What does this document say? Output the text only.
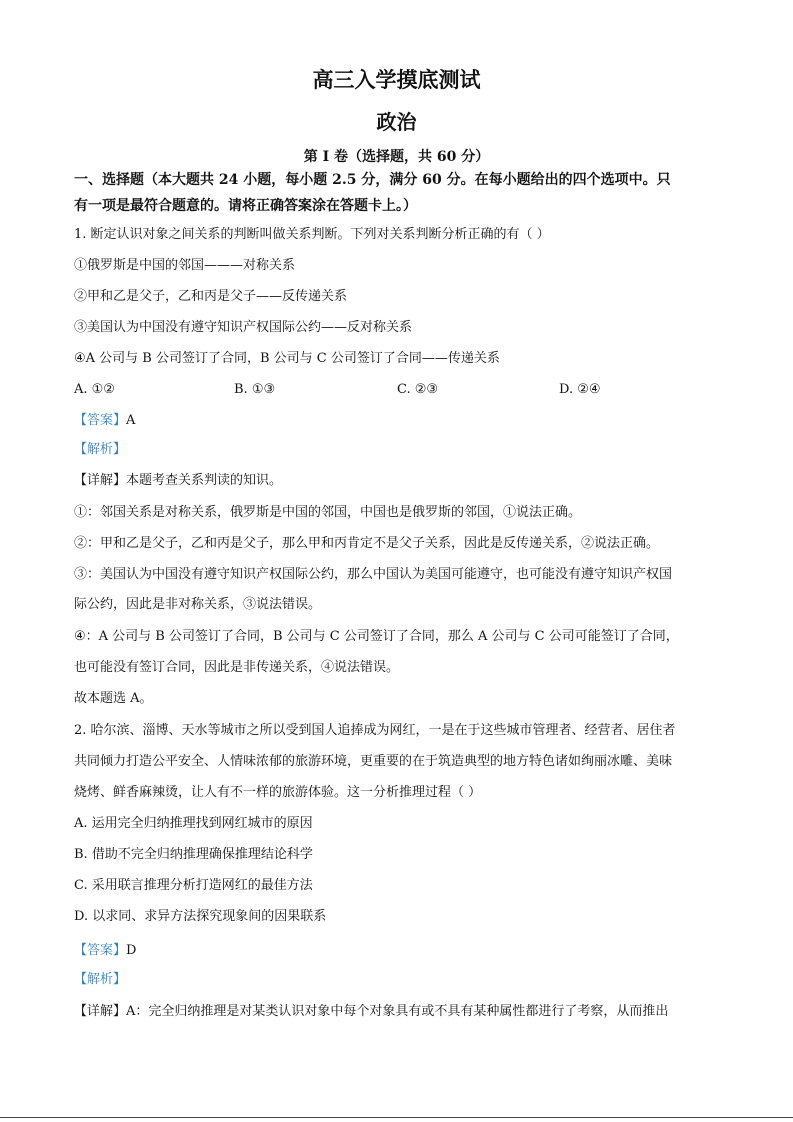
高三入学摸底测试
政治
第 I 卷（选择题，共 60 分）
一、选择题（本大题共 24 小题，每小题 2.5 分，满分 60 分。在每小题给出的四个选项中。只
有一项是最符合题意的。请将正确答案涂在答题卡上。）
1. 断定认识对象之间关系的判断叫做关系判断。下列对关系判断分析正确的有（ ）
①俄罗斯是中国的邻国———对称关系
②甲和乙是父子，乙和丙是父子——反传递关系
③美国认为中国没有遵守知识产权国际公约——反对称关系
④A 公司与 B 公司签订了合同，B 公司与 C 公司签订了合同——传递关系
A. ①②	B. ①③	C. ②③	D. ②④
【答案】A
【解析】
【详解】本题考查关系判读的知识。
①：邻国关系是对称关系，俄罗斯是中国的邻国，中国也是俄罗斯的邻国，①说法正确。
②：甲和乙是父子，乙和丙是父子，那么甲和丙肯定不是父子关系，因此是反传递关系，②说法正确。
③：美国认为中国没有遵守知识产权国际公约，那么中国认为美国可能遵守，也可能没有遵守知识产权国
际公约，因此是非对称关系，③说法错误。
④：A 公司与 B 公司签订了合同，B 公司与 C 公司签订了合同，那么 A 公司与 C 公司可能签订了合同，
也可能没有签订合同，因此是非传递关系，④说法错误。
故本题选 A。
2. 哈尔滨、淄博、天水等城市之所以受到国人追捧成为网红，一是在于这些城市管理者、经营者、居住者
共同倾力打造公平安全、人情味浓郁的旅游环境，更重要的在于筑造典型的地方特色诸如绚丽冰雕、美味
烧烤、鲜香麻辣烫，让人有不一样的旅游体验。这一分析推理过程（ ）
A. 运用完全归纳推理找到网红城市的原因
B. 借助不完全归纳推理确保推理结论科学
C. 采用联言推理分析打造网红的最佳方法
D. 以求同、求异方法探究现象间的因果联系
【答案】D
【解析】
【详解】A：完全归纳推理是对某类认识对象中每个对象具有或不具有某种属性都进行了考察，从而推出
